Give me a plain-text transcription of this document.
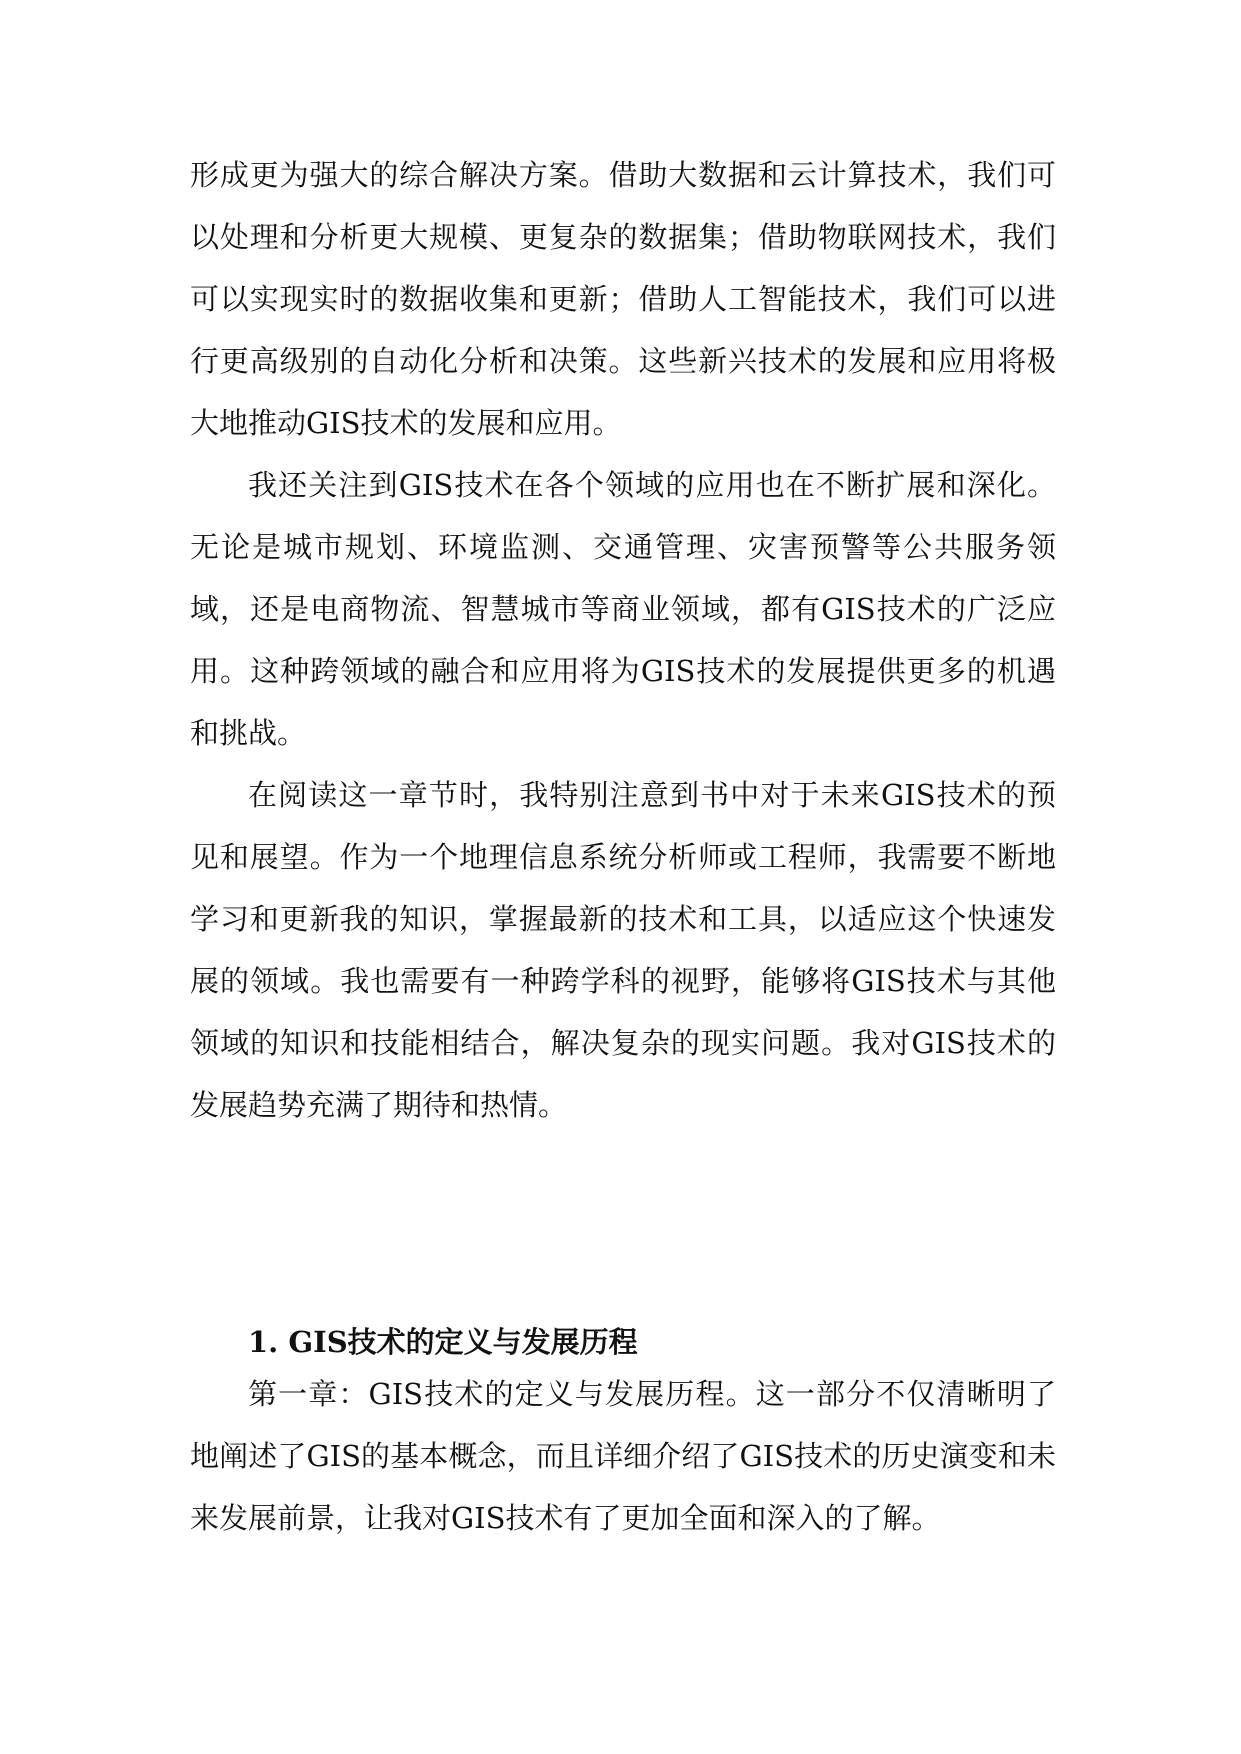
形成更为强大的综合解决方案。借助大数据和云计算技术，我们可以处理和分析更大规模、更复杂的数据集；借助物联网技术，我们可以实现实时的数据收集和更新；借助人工智能技术，我们可以进行更高级别的自动化分析和决策。这些新兴技术的发展和应用将极大地推动GIS技术的发展和应用。

我还关注到GIS技术在各个领域的应用也在不断扩展和深化。无论是城市规划、环境监测、交通管理、灾害预警等公共服务领域，还是电商物流、智慧城市等商业领域，都有GIS技术的广泛应用。这种跨领域的融合和应用将为GIS技术的发展提供更多的机遇和挑战。

在阅读这一章节时，我特别注意到书中对于未来GIS技术的预见和展望。作为一个地理信息系统分析师或工程师，我需要不断地学习和更新我的知识，掌握最新的技术和工具，以适应这个快速发展的领域。我也需要有一种跨学科的视野，能够将GIS技术与其他领域的知识和技能相结合，解决复杂的现实问题。我对GIS技术的发展趋势充满了期待和热情。

1. GIS技术的定义与发展历程

第一章：GIS技术的定义与发展历程。这一部分不仅清晰明了地阐述了GIS的基本概念，而且详细介绍了GIS技术的历史演变和未来发展前景，让我对GIS技术有了更加全面和深入的了解。
